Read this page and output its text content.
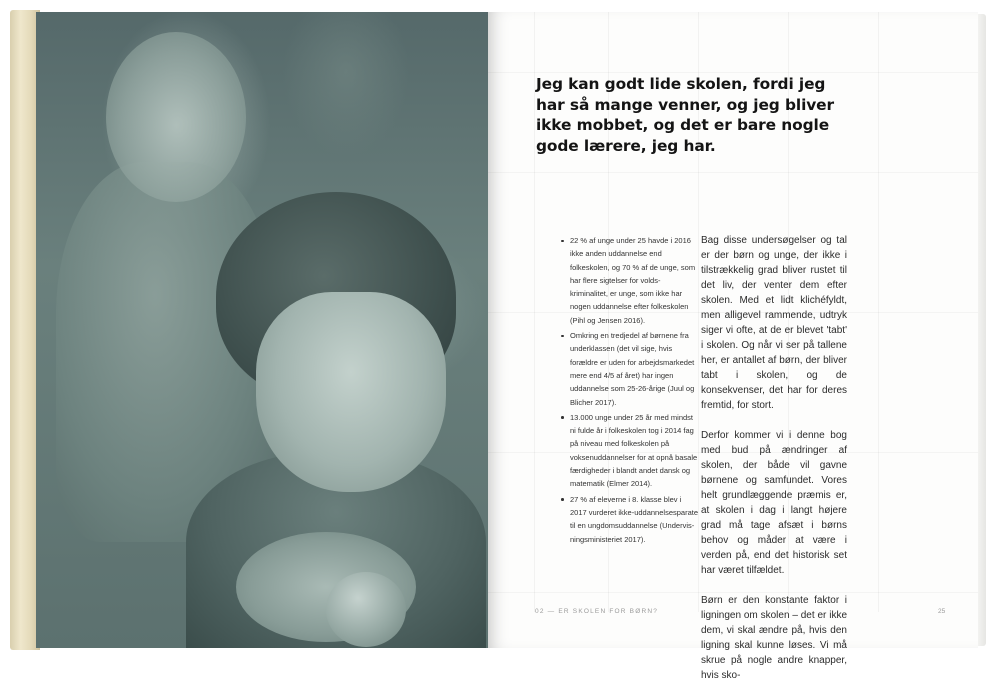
Jeg kan godt lide skolen, fordi jeg har så mange venner, og jeg bliver ikke mobbet, og det er bare nogle gode lærere, jeg har.

22 % af unge under 25 havde i 2016 ikke anden uddannelse end folkeskolen, og 70 % af de unge, som har flere sigtelser for volds-kriminalitet, er unge, som ikke har nogen uddannelse efter folkeskolen (Pihl og Jensen 2016).
Omkring en tredjedel af børnene fra underklassen (det vil sige, hvis forældre er uden for arbejdsmarkedet mere end 4/5 af året) har ingen uddannelse som 25-26-årige (Juul og Blicher 2017).
13.000 unge under 25 år med mindst ni fulde år i folkeskolen tog i 2014 fag på niveau med folkeskolen på voksenuddannelser for at opnå basale færdigheder i blandt andet dansk og matematik (Elmer 2014).
27 % af eleverne i 8. klasse blev i 2017 vurderet ikke-uddannelsesparate til en ungdomsuddannelse (Undervis-ningsministeriet 2017).

Bag disse undersøgelser og tal er der børn og unge, der ikke i tilstrækkelig grad bliver rustet til det liv, der venter dem efter skolen. Med et lidt klichéfyldt, men alligevel rammende, udtryk siger vi ofte, at de er blevet 'tabt' i skolen. Og når vi ser på tallene her, er antallet af børn, der bliver tabt i skolen, og de konsekvenser, det har for deres fremtid, for stort.

Derfor kommer vi i denne bog med bud på ændringer af skolen, der både vil gavne børnene og samfundet. Vores helt grundlæggende præmis er, at skolen i dag i langt højere grad må tage afsæt i børns behov og måder at være i verden på, end det historisk set har været tilfældet.

Børn er den konstante faktor i ligningen om skolen – det er ikke dem, vi skal ændre på, hvis den ligning skal kunne løses. Vi må skrue på nogle andre knapper, hvis sko-

02 — ER SKOLEN FOR BØRN?	25
